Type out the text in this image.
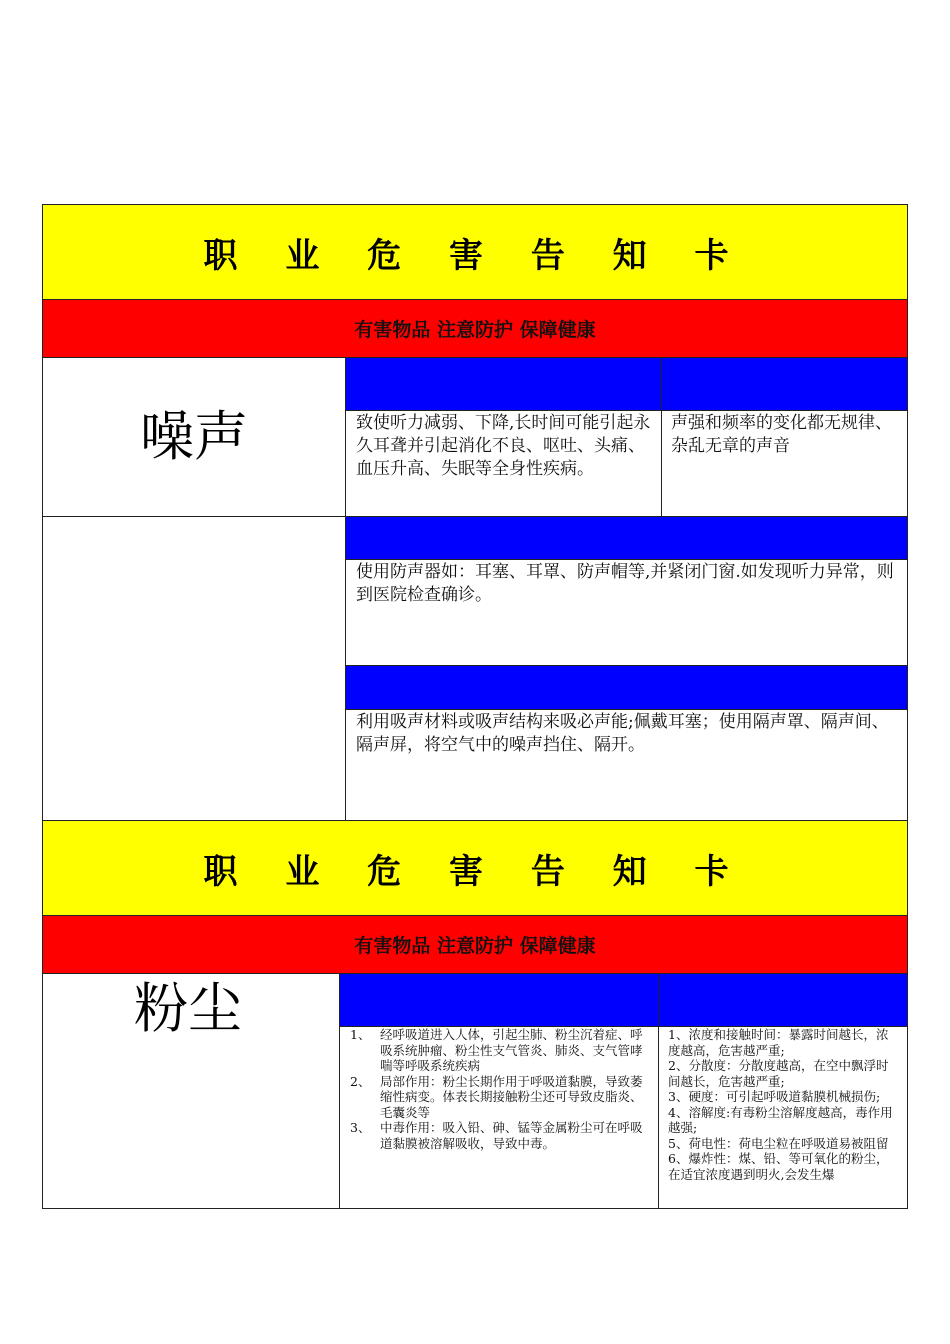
职 业 危 害 告 知 卡
有害物品 注意防护 保障健康
噪声	致使听力减弱、下降,长时间可能引起永久耳聋并引起消化不良、呕吐、头痛、血压升高、失眠等全身性疾病。
声强和频率的变化都无规律、杂乱无章的声音
使用防声器如：耳塞、耳罩、防声帽等,并紧闭门窗.如发现听力异常，则到医院检查确诊。
利用吸声材料或吸声结构来吸必声能;佩戴耳塞；使用隔声罩、隔声间、隔声屏，将空气中的噪声挡住、隔开。
职 业 危 害 告 知 卡
有害物品 注意防护 保障健康
粉尘	1、 经呼吸道进入人体，引起尘肺、粉尘沉着症、呼吸系统肿瘤、粉尘性支气管炎、肺炎、支气管哮喘等呼吸系统疾病
2、 局部作用：粉尘长期作用于呼吸道黏膜，导致萎缩性病变。体表长期接触粉尘还可导致皮脂炎、毛囊炎等
3、 中毒作用：吸入铅、砷、锰等金属粉尘可在呼吸道黏膜被溶解吸收，导致中毒。
1、浓度和接触时间：暴露时间越长，浓度越高，危害越严重;
2、分散度：分散度越高，在空中飘浮时间越长，危害越严重;
3、硬度：可引起呼吸道黏膜机械损伤;
4、溶解度:有毒粉尘溶解度越高，毒作用越强;
5、荷电性：荷电尘粒在呼吸道易被阻留
6、爆炸性：煤、铅、等可氧化的粉尘，在适宜浓度遇到明火,会发生爆
